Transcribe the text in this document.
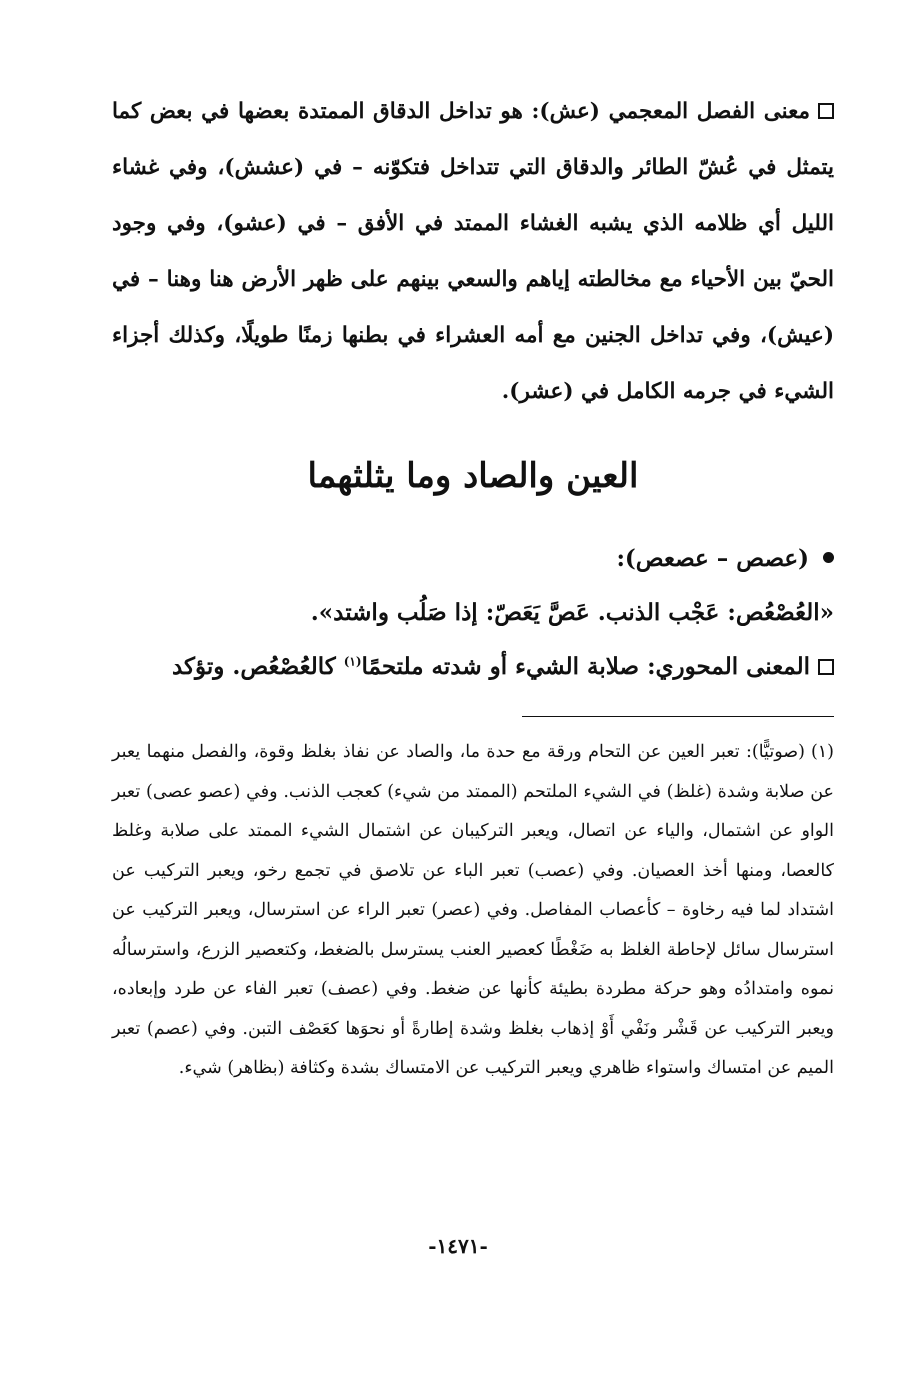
معنى الفصل المعجمي (عش): هو تداخل الدقاق الممتدة بعضها في بعض كما يتمثل في عُشّ الطائر والدقاق التي تتداخل فتكوّنه – في (عشش)، وفي غشاء الليل أي ظلامه الذي يشبه الغشاء الممتد في الأفق – في (عشو)، وفي وجود الحيّ بين الأحياء مع مخالطته إياهم والسعي بينهم على ظهر الأرض هنا وهنا – في (عيش)، وفي تداخل الجنين مع أمه العشراء في بطنها زمنًا طويلًا، وكذلك أجزاء الشيء في جرمه الكامل في (عشر).
العين والصاد وما يثلثهما
(عصص – عصعص):
«العُصْعُص: عَجْب الذنب. عَصَّ يَعَصّ: إذا صَلُب واشتد».
المعنى المحوري: صلابة الشيء أو شدته ملتحمًا$^{(١)}$ كالعُصْعُص. وتؤكد
(١)(صوتيًّا): تعبر العين عن التحام ورقة مع حدة ما، والصاد عن نفاذ بغلظ وقوة، والفصل منهما يعبر عن صلابة وشدة (غلظ) في الشيء الملتحم (الممتد من شيء) كعجب الذنب. وفي (عصو عصى) تعبر الواو عن اشتمال، والياء عن اتصال، ويعبر التركيبان عن اشتمال الشيء الممتد على صلابة وغلظ كالعصا، ومنها أخذ العصيان. وفي (عصب) تعبر الباء عن تلاصق في تجمع رخو، ويعبر التركيب عن اشتداد لما فيه رخاوة – كأعصاب المفاصل. وفي (عصر) تعبر الراء عن استرسال، ويعبر التركيب عن استرسال سائل لإحاطة الغلظ به ضَغْطًا كعصير العنب يسترسل بالضغط، وكتعصير الزرع، واسترسالُه نموه وامتدادُه وهو حركة مطردة بطيئة كأنها عن ضغط. وفي (عصف) تعبر الفاء عن طرد وإبعاده، ويعبر التركيب عن قَشْر ونَفْي أَوْ إذهاب بغلظ وشدة إطارةً أو نحوَها كعَصْف التبن. وفي (عصم) تعبر الميم عن امتساك واستواء ظاهري ويعبر التركيب عن الامتساك بشدة وكثافة (بظاهر) شيء.
-١٤٧١-
